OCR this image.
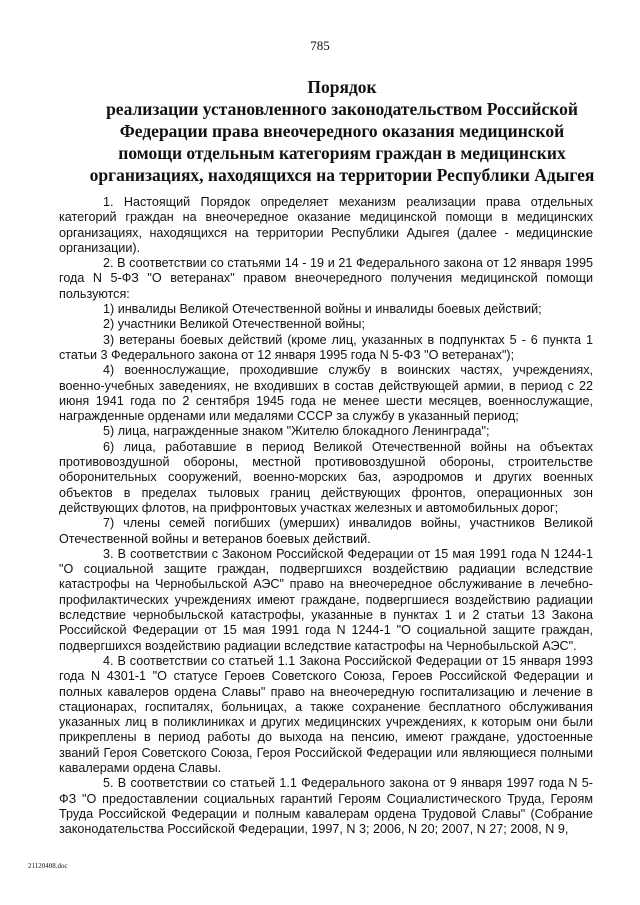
785
Порядок
реализации установленного законодательством Российской
Федерации права внеочередного оказания медицинской
помощи отдельным категориям граждан в медицинских
организациях, находящихся на территории Республики Адыгея

1. Настоящий Порядок определяет механизм реализации права отдельных категорий граждан на внеочередное оказание медицинской помощи в медицинских организациях, находящихся на территории Республики Адыгея (далее - медицинские организации).

2. В соответствии со статьями 14 - 19 и 21 Федерального закона от 12 января 1995 года N 5-ФЗ "О ветеранах" правом внеочередного получения медицинской помощи пользуются:

1) инвалиды Великой Отечественной войны и инвалиды боевых действий;

2) участники Великой Отечественной войны;

3) ветераны боевых действий (кроме лиц, указанных в подпунктах 5 - 6 пункта 1 статьи 3 Федерального закона от 12 января 1995 года N 5-ФЗ "О ветеранах");

4) военнослужащие, проходившие службу в воинских частях, учреждениях, военно-учебных заведениях, не входивших в состав действующей армии, в период с 22 июня 1941 года по 2 сентября 1945 года не менее шести месяцев, военнослужащие, награжденные орденами или медалями СССР за службу в указанный период;

5) лица, награжденные знаком "Жителю блокадного Ленинграда";

6) лица, работавшие в период Великой Отечественной войны на объектах противовоздушной обороны, местной противовоздушной обороны, строительстве оборонительных сооружений, военно-морских баз, аэродромов и других военных объектов в пределах тыловых границ действующих фронтов, операционных зон действующих флотов, на прифронтовых участках железных и автомобильных дорог;

7) члены семей погибших (умерших) инвалидов войны, участников Великой Отечественной войны и ветеранов боевых действий.

3. В соответствии с Законом Российской Федерации от 15 мая 1991 года N 1244-1 "О социальной защите граждан, подвергшихся воздействию радиации вследствие катастрофы на Чернобыльской АЭС" право на внеочередное обслуживание в лечебно-профилактических учреждениях имеют граждане, подвергшиеся воздействию радиации вследствие чернобыльской катастрофы, указанные в пунктах 1 и 2 статьи 13 Закона Российской Федерации от 15 мая 1991 года N 1244-1 "О социальной защите граждан, подвергшихся воздействию радиации вследствие катастрофы на Чернобыльской АЭС".

4. В соответствии со статьей 1.1 Закона Российской Федерации от 15 января 1993 года N 4301-1 "О статусе Героев Советского Союза, Героев Российской Федерации и полных кавалеров ордена Славы" право на внеочередную госпитализацию и лечение в стационарах, госпиталях, больницах, а также сохранение бесплатного обслуживания указанных лиц в поликлиниках и других медицинских учреждениях, к которым они были прикреплены в период работы до выхода на пенсию, имеют граждане, удостоенные званий Героя Советского Союза, Героя Российской Федерации или являющиеся полными кавалерами ордена Славы.

5. В соответствии со статьей 1.1 Федерального закона от 9 января 1997 года N 5-ФЗ "О предоставлении социальных гарантий Героям Социалистического Труда, Героям Труда Российской Федерации и полным кавалерам ордена Трудовой Славы" (Собрание законодательства Российской Федерации, 1997, N 3; 2006, N 20; 2007, N 27; 2008, N 9,

21120408.doc
